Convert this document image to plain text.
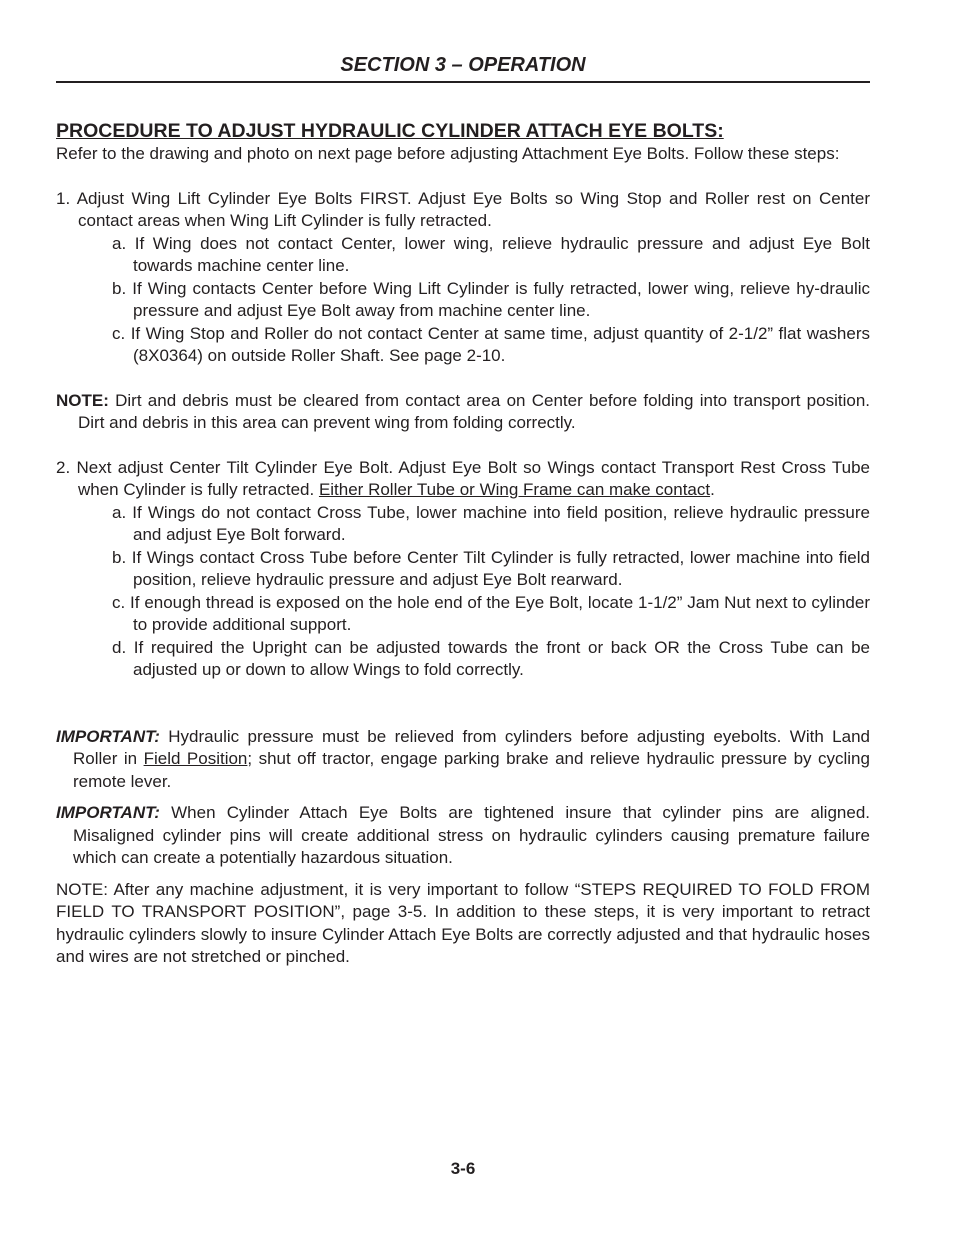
SECTION 3 – OPERATION

PROCEDURE TO ADJUST HYDRAULIC CYLINDER ATTACH EYE BOLTS:

Refer to the drawing and photo on next page before adjusting Attachment Eye Bolts. Follow these steps:

1. Adjust Wing Lift Cylinder Eye Bolts FIRST. Adjust Eye Bolts so Wing Stop and Roller rest on Center contact areas when Wing Lift Cylinder is fully retracted.

a. If Wing does not contact Center, lower wing, relieve hydraulic pressure and adjust Eye Bolt towards machine center line.

b. If Wing contacts Center before Wing Lift Cylinder is fully retracted, lower wing, relieve hy-draulic pressure and adjust Eye Bolt away from machine center line.

c. If Wing Stop and Roller do not contact Center at same time, adjust quantity of 2-1/2” flat washers (8X0364) on outside Roller Shaft. See page 2-10.

NOTE: Dirt and debris must be cleared from contact area on Center before folding into transport position. Dirt and debris in this area can prevent wing from folding correctly.

2. Next adjust Center Tilt Cylinder Eye Bolt. Adjust Eye Bolt so Wings contact Transport Rest Cross Tube when Cylinder is fully retracted. Either Roller Tube or Wing Frame can make contact.

a. If Wings do not contact Cross Tube, lower machine into field position, relieve hydraulic pressure and adjust Eye Bolt forward.

b. If Wings contact Cross Tube before Center Tilt Cylinder is fully retracted, lower machine into field position, relieve hydraulic pressure and adjust Eye Bolt rearward.

c. If enough thread is exposed on the hole end of the Eye Bolt, locate 1-1/2” Jam Nut next to cylinder to provide additional support.

d. If required the Upright can be adjusted towards the front or back OR the Cross Tube can be adjusted up or down to allow Wings to fold correctly.

IMPORTANT: Hydraulic pressure must be relieved from cylinders before adjusting eyebolts. With Land Roller in Field Position; shut off tractor, engage parking brake and relieve hydraulic pressure by cycling remote lever.

IMPORTANT: When Cylinder Attach Eye Bolts are tightened insure that cylinder pins are aligned. Misaligned cylinder pins will create additional stress on hydraulic cylinders causing premature failure which can create a potentially hazardous situation.

NOTE: After any machine adjustment, it is very important to follow “STEPS REQUIRED TO FOLD FROM FIELD TO TRANSPORT POSITION”, page 3-5. In addition to these steps, it is very important to retract hydraulic cylinders slowly to insure Cylinder Attach Eye Bolts are correctly adjusted and that hydraulic hoses and wires are not stretched or pinched.

3-6
